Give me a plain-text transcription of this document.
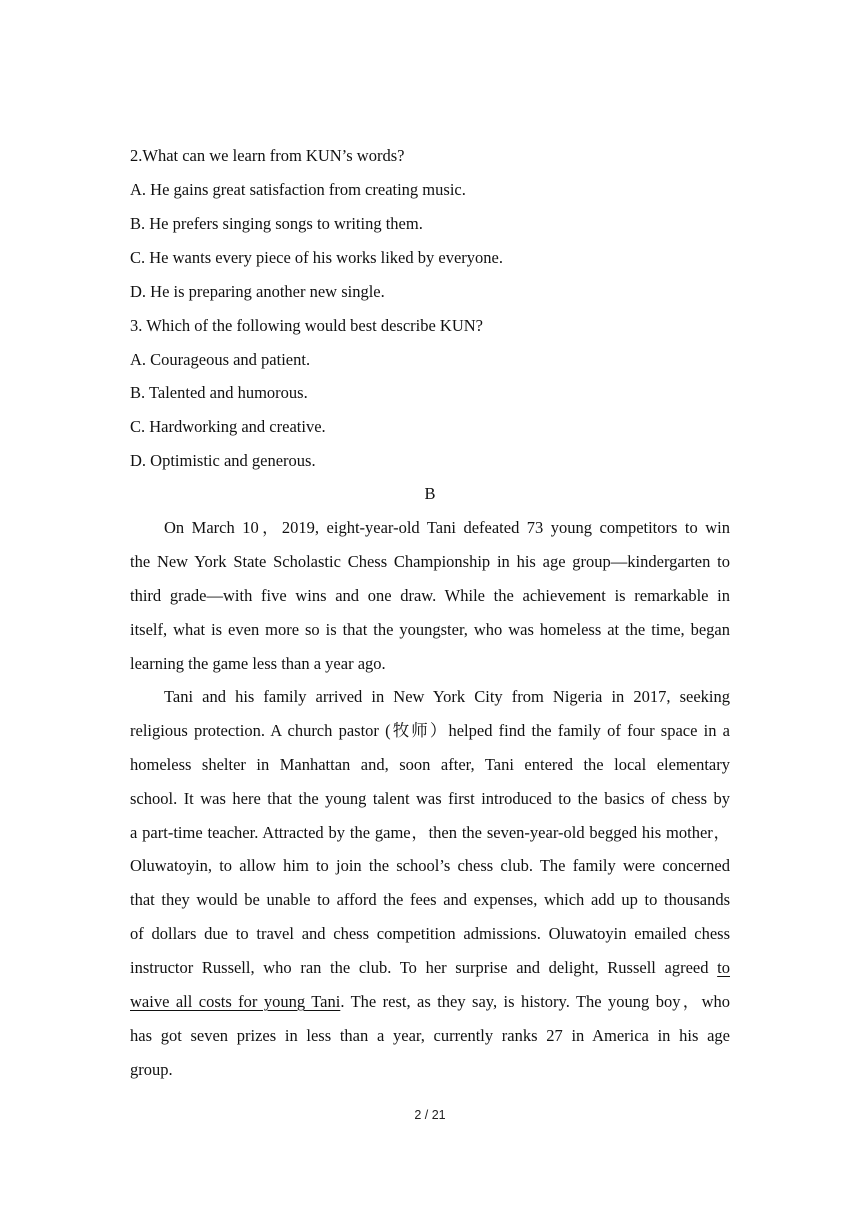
2.What can we learn from KUN’s words?
A. He gains great satisfaction from creating music.
B. He prefers singing songs to writing them.
C. He wants every piece of his works liked by everyone.
D. He is preparing another new single.
3. Which of the following would best describe KUN?
A. Courageous and patient.
B. Talented and humorous.
C. Hardworking and creative.
D. Optimistic and generous.
B
On March 10，2019, eight-year-old Tani defeated 73 young competitors to win
the New York State Scholastic Chess Championship in his age group—kindergarten to
third grade—with five wins and one draw. While the achievement is remarkable in
itself, what is even more so is that the youngster, who was homeless at the time, began
learning the game less than a year ago.
Tani and his family arrived in New York City from Nigeria in 2017, seeking
religious protection. A church pastor (牧师）helped find the family of four space in a
homeless shelter in Manhattan and, soon after, Tani entered the local elementary
school. It was here that the young talent was first introduced to the basics of chess by
a part-time teacher. Attracted by the game，then the seven-year-old begged his mother，
Oluwatoyin, to allow him to join the school’s chess club. The family were concerned
that they would be unable to afford the fees and expenses, which add up to thousands
of dollars due to travel and chess competition admissions. Oluwatoyin emailed chess
instructor Russell, who ran the club. To her surprise and delight, Russell agreed to
waive all costs for young Tani. The rest, as they say, is history. The young boy，who
has got seven prizes in less than a year, currently ranks 27 in America in his age
group.
2 / 21
